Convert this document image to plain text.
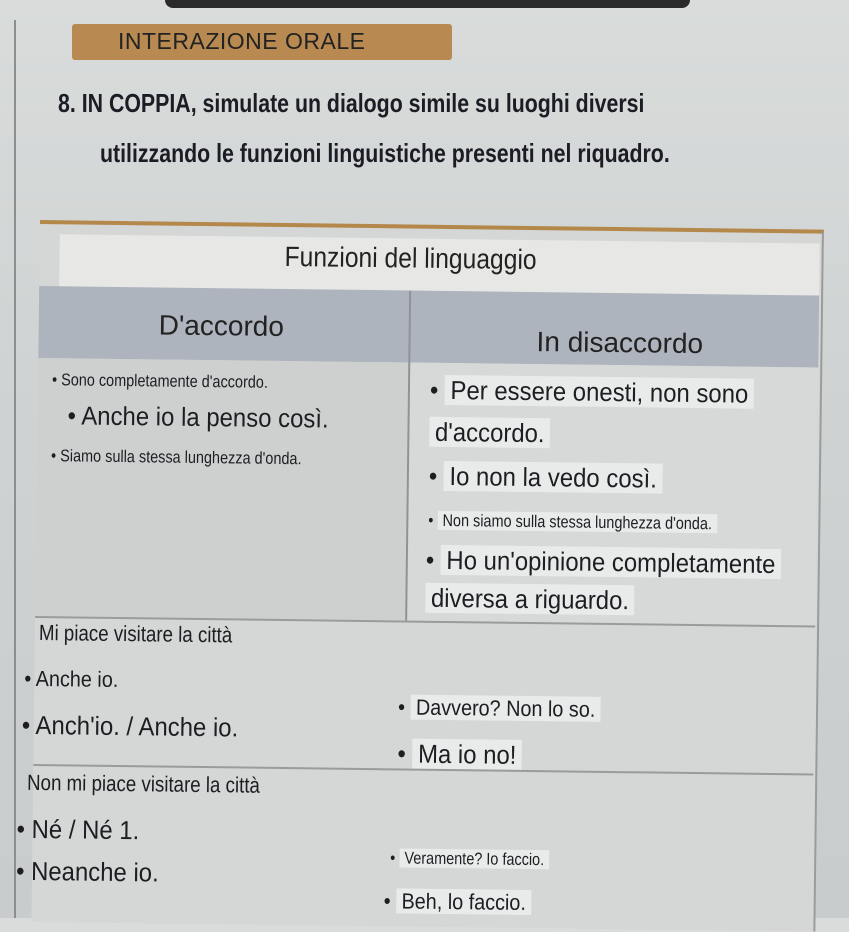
INTERAZIONE ORALE
8. IN COPPIA, simulate un dialogo simile su luoghi diversi
utilizzando le funzioni linguistiche presenti nel riquadro.
Funzioni del linguaggio
D'accordo
In disaccordo
• Sono completamente d'accordo.
• Anche io la penso così.
• Siamo sulla stessa lunghezza d'onda.
• Per essere onesti, non sono
d'accordo.
• Io non la vedo così.
• Non siamo sulla stessa lunghezza d'onda.
• Ho un'opinione completamente
diversa a riguardo.
Mi piace visitare la città
• Anche io.
• Anch'io. / Anche io.
• Davvero? Non lo so.
• Ma io no!
Non mi piace visitare la città
• Né / Né 1.
• Neanche io.
•	Veramente? Io faccio.
• Beh, lo faccio.
